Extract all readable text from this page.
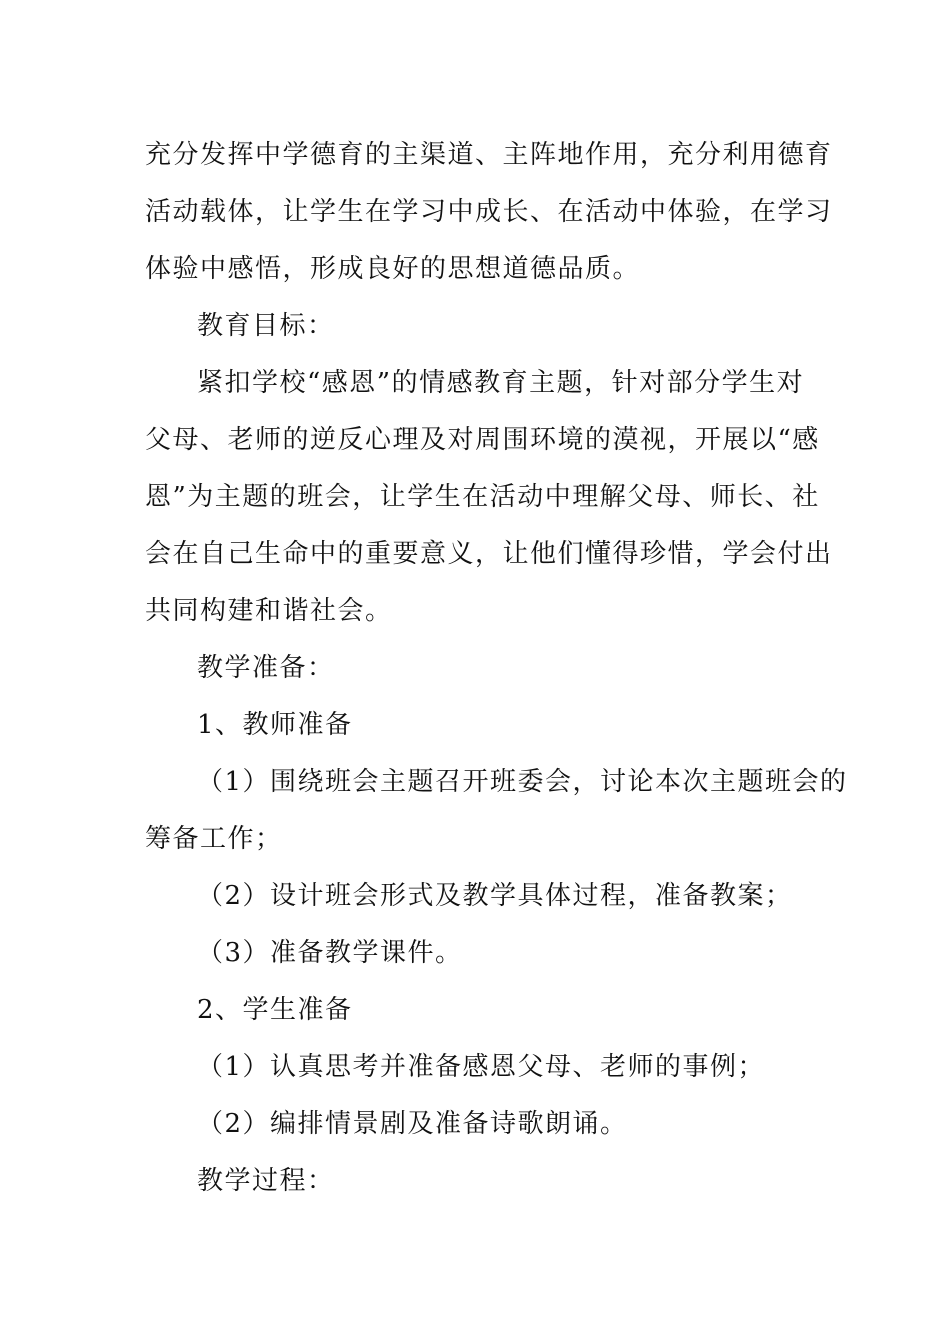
充分发挥中学德育的主渠道、主阵地作用，充分利用德育
活动载体，让学生在学习中成长、在活动中体验，在学习
体验中感悟，形成良好的思想道德品质。
教育目标：
紧扣学校“感恩”的情感教育主题，针对部分学生对
父母、老师的逆反心理及对周围环境的漠视，开展以“感
恩”为主题的班会，让学生在活动中理解父母、师长、社
会在自己生命中的重要意义，让他们懂得珍惜，学会付出
共同构建和谐社会。
教学准备：
1、教师准备
（1）围绕班会主题召开班委会，讨论本次主题班会的
筹备工作；
（2）设计班会形式及教学具体过程，准备教案；
（3）准备教学课件。
2、学生准备
（1）认真思考并准备感恩父母、老师的事例；
（2）编排情景剧及准备诗歌朗诵。
教学过程：
